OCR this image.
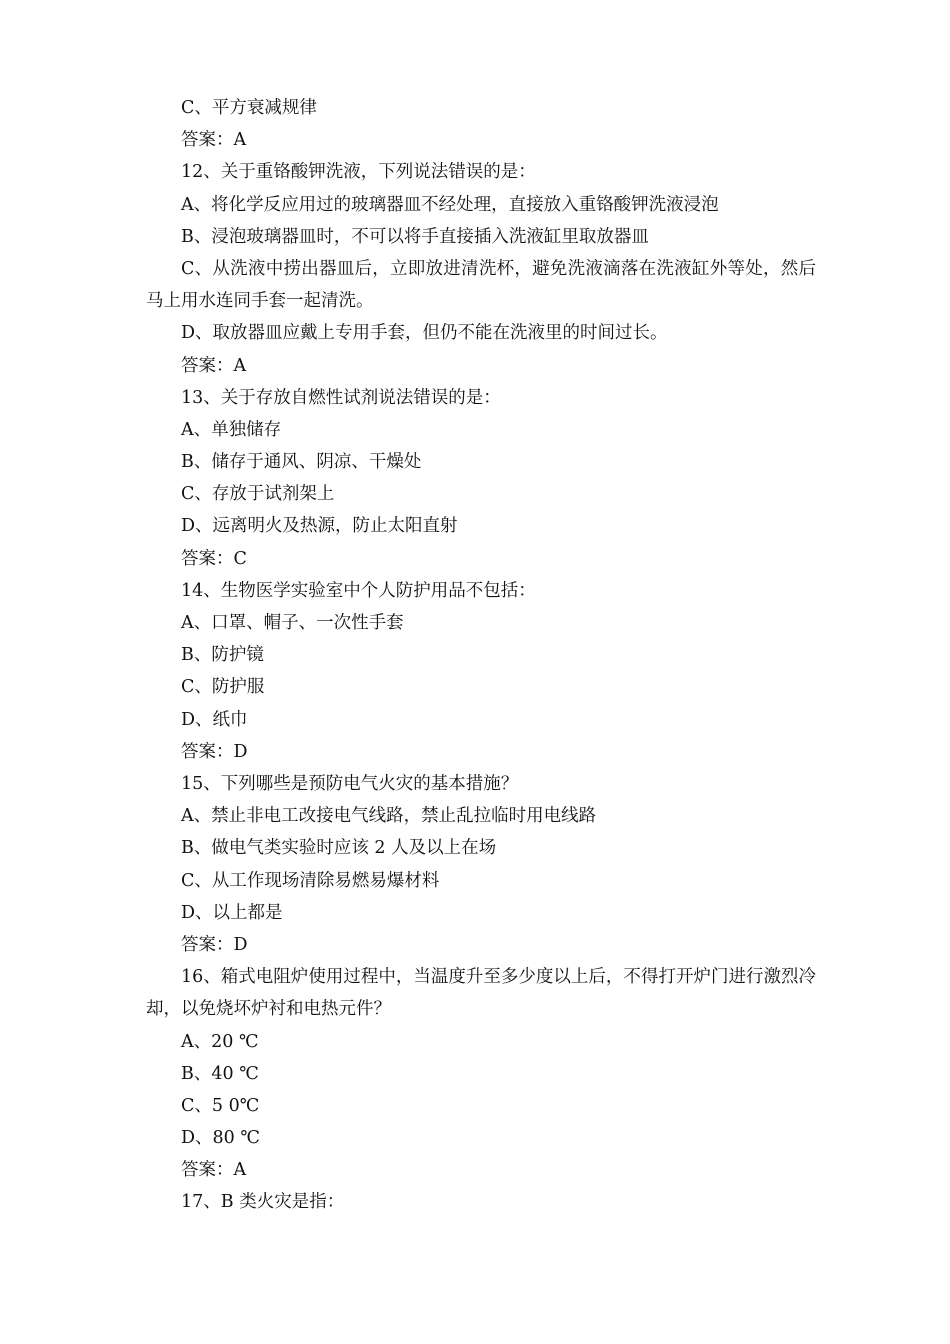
C、平方衰减规律
答案：A
12、关于重铬酸钾洗液，下列说法错误的是：
A、将化学反应用过的玻璃器皿不经处理，直接放入重铬酸钾洗液浸泡
B、浸泡玻璃器皿时，不可以将手直接插入洗液缸里取放器皿
C、从洗液中捞出器皿后，立即放进清洗杯，避免洗液滴落在洗液缸外等处，然后马上用水连同手套一起清洗。
D、取放器皿应戴上专用手套，但仍不能在洗液里的时间过长。
答案：A
13、关于存放自燃性试剂说法错误的是：
A、单独储存
B、储存于通风、阴凉、干燥处
C、存放于试剂架上
D、远离明火及热源，防止太阳直射
答案：C
14、生物医学实验室中个人防护用品不包括：
A、口罩、帽子、一次性手套
B、防护镜
C、防护服
D、纸巾
答案：D
15、下列哪些是预防电气火灾的基本措施？
A、禁止非电工改接电气线路，禁止乱拉临时用电线路
B、做电气类实验时应该 2 人及以上在场
C、从工作现场清除易燃易爆材料
D、以上都是
答案：D
16、箱式电阻炉使用过程中，当温度升至多少度以上后，不得打开炉门进行激烈冷却，以免烧坏炉衬和电热元件？
A、20 ℃
B、40 ℃
C、5 0℃
D、80 ℃
答案：A
17、B 类火灾是指：
